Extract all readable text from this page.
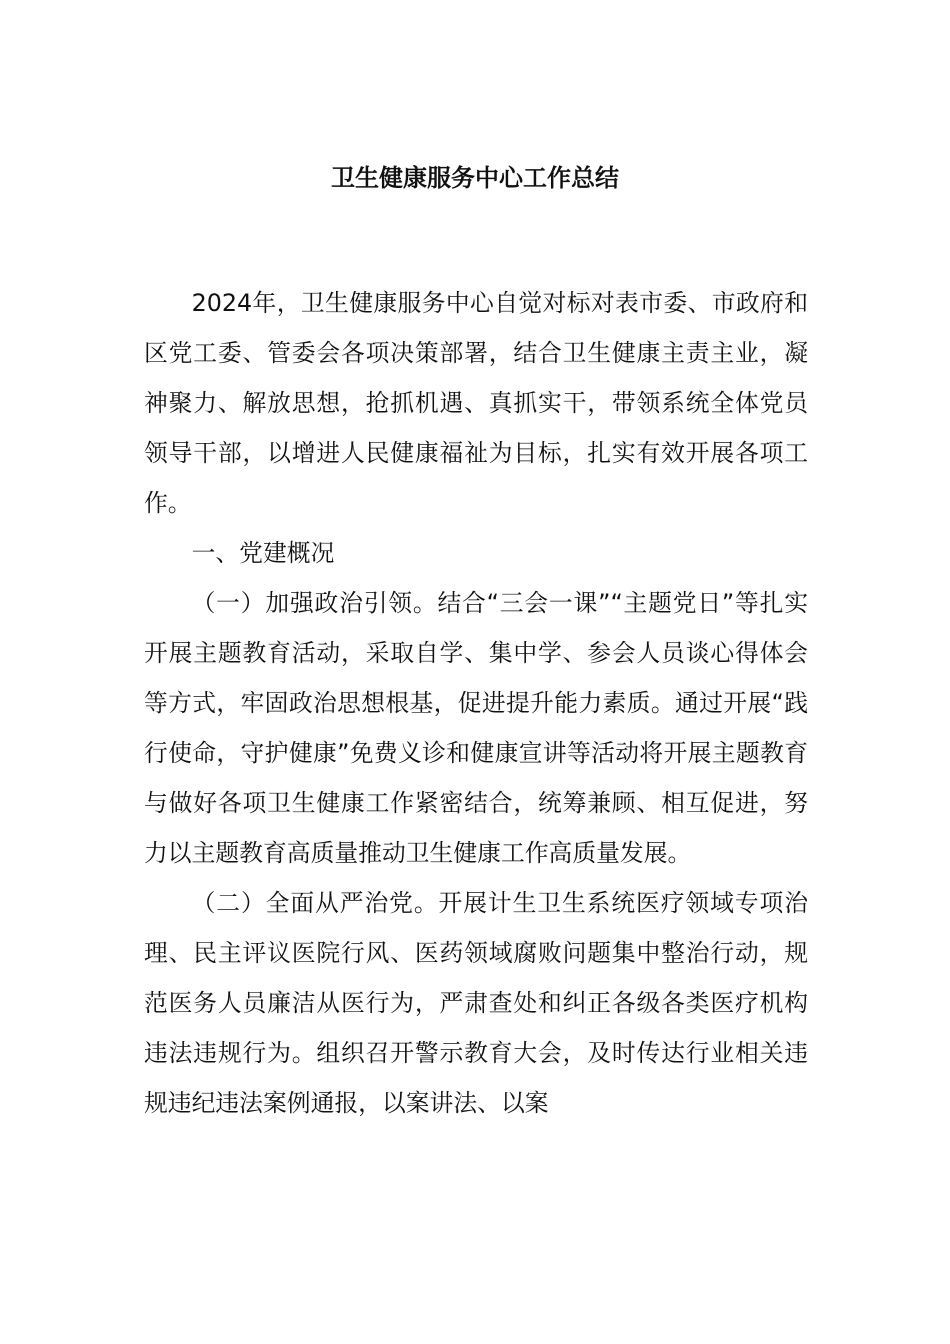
卫生健康服务中心工作总结

2024年，卫生健康服务中心自觉对标对表市委、市政府和区党工委、管委会各项决策部署，结合卫生健康主责主业，凝神聚力、解放思想，抢抓机遇、真抓实干，带领系统全体党员领导干部，以增进人民健康福祉为目标，扎实有效开展各项工作。

一、党建概况

（一）加强政治引领。结合“三会一课”“主题党日”等扎实开展主题教育活动，采取自学、集中学、参会人员谈心得体会等方式，牢固政治思想根基，促进提升能力素质。通过开展“践行使命，守护健康”免费义诊和健康宣讲等活动将开展主题教育与做好各项卫生健康工作紧密结合，统筹兼顾、相互促进，努力以主题教育高质量推动卫生健康工作高质量发展。

（二）全面从严治党。开展计生卫生系统医疗领域专项治理、民主评议医院行风、医药领域腐败问题集中整治行动，规范医务人员廉洁从医行为，严肃查处和纠正各级各类医疗机构违法违规行为。组织召开警示教育大会，及时传达行业相关违规违纪违法案例通报，以案讲法、以案
